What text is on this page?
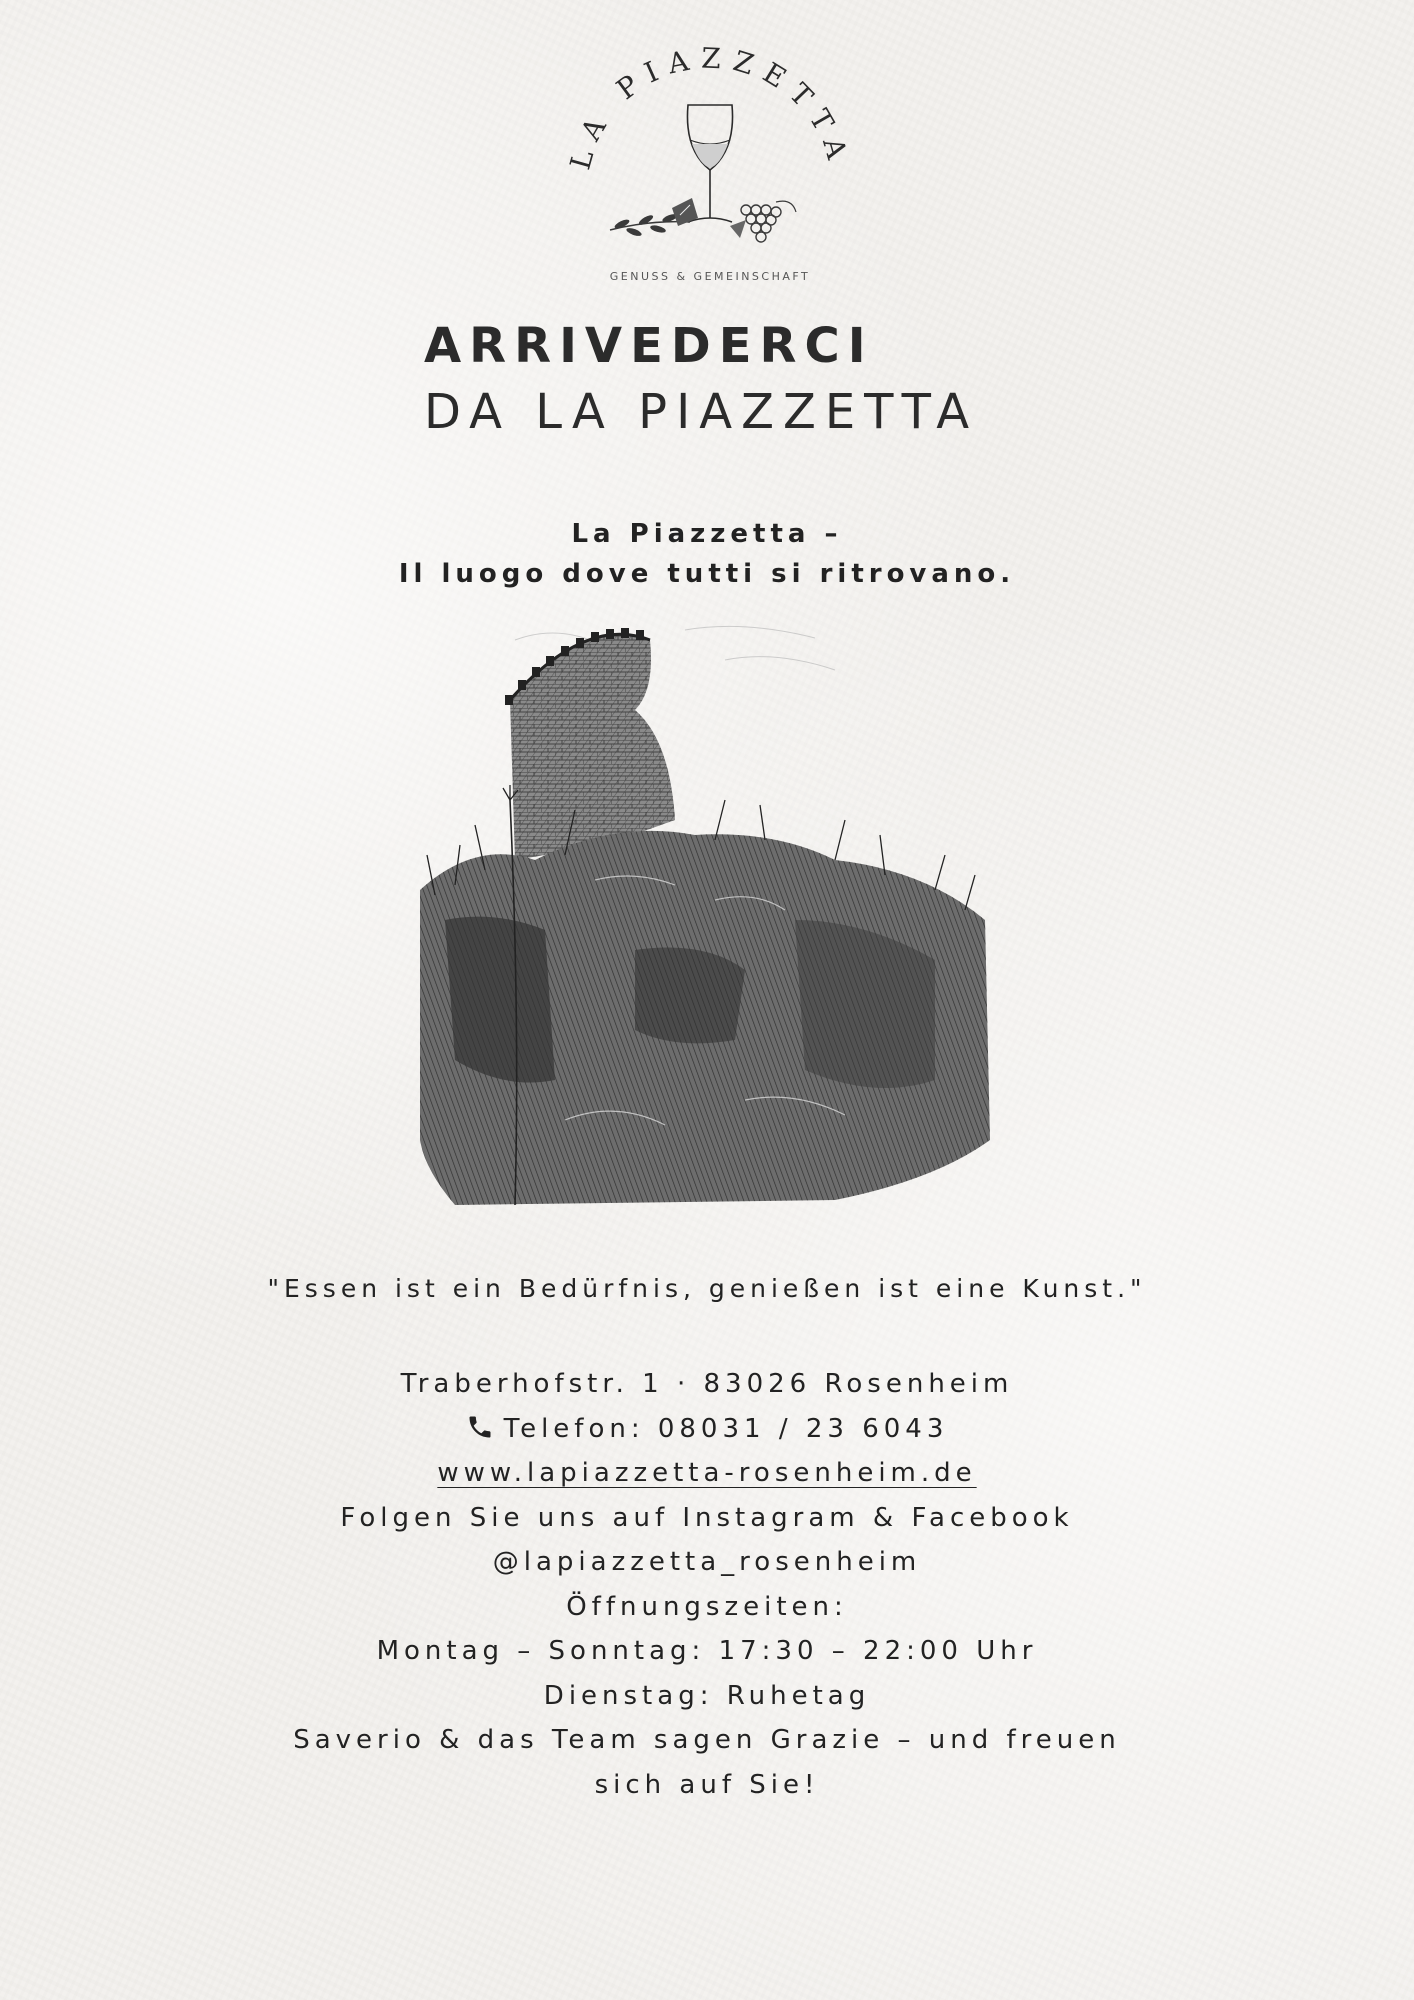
LA PIAZZETTA
GENUSS & GEMEINSCHAFT
ARRIVEDERCI
DA LA PIAZZETTA
La Piazzetta –
Il luogo dove tutti si ritrovano.
"Essen ist ein Bedürfnis, genießen ist eine Kunst."
Traberhofstr. 1 · 83026 Rosenheim
Telefon: 08031 / 23 6043
www.lapiazzetta-rosenheim.de
Folgen Sie uns auf Instagram & Facebook
@lapiazzetta_rosenheim
Öffnungszeiten:
Montag – Sonntag: 17:30 – 22:00 Uhr
Dienstag: Ruhetag
Saverio & das Team sagen Grazie – und freuen
sich auf Sie!
